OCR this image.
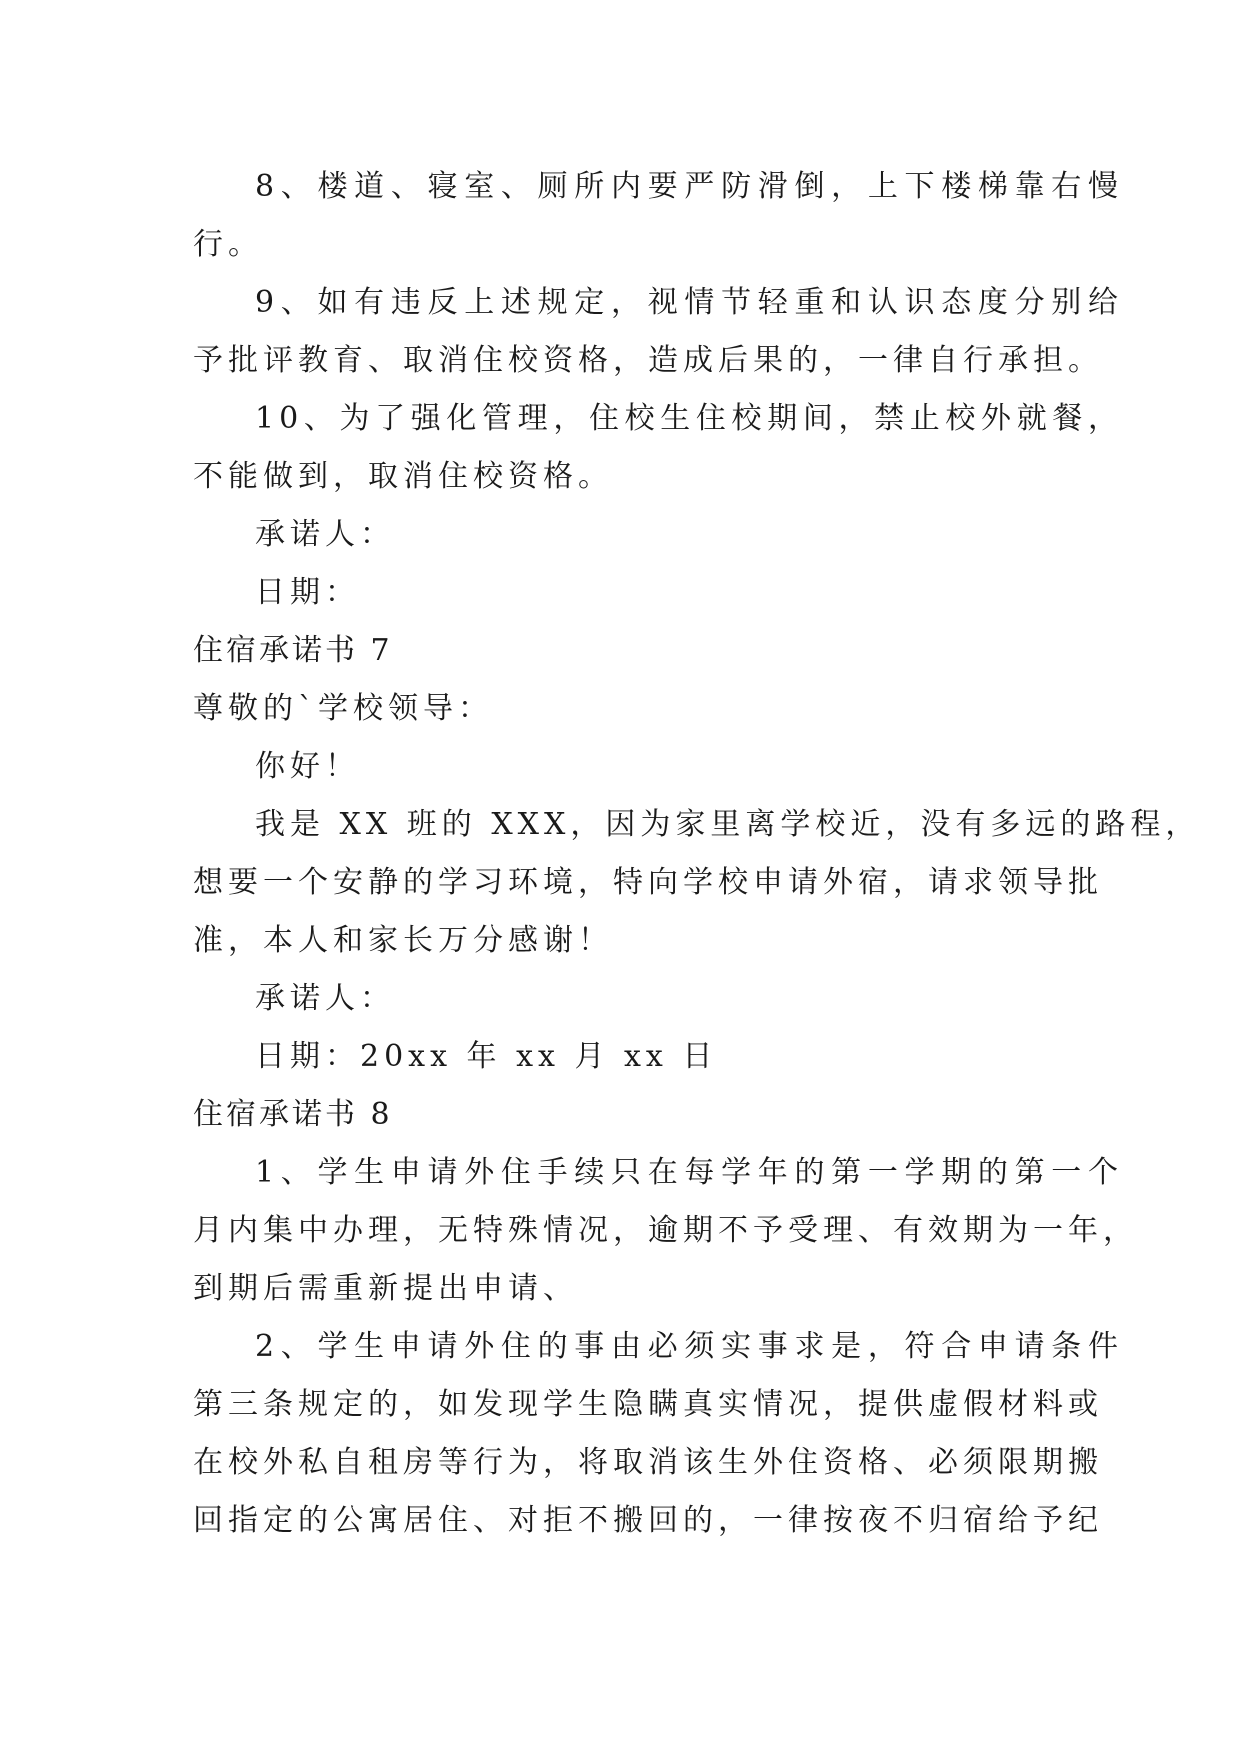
8、楼道、寝室、厕所内要严防滑倒，上下楼梯靠右慢

行。

9、如有违反上述规定，视情节轻重和认识态度分别给

予批评教育、取消住校资格，造成后果的，一律自行承担。

10、为了强化管理，住校生住校期间，禁止校外就餐，

不能做到，取消住校资格。

承诺人：

日期：

住宿承诺书 7

尊敬的`学校领导：

你好！

我是 XX 班的 XXX，因为家里离学校近，没有多远的路程，

想要一个安静的学习环境，特向学校申请外宿，请求领导批

准，本人和家长万分感谢！

承诺人：

日期：20xx 年 xx 月 xx 日

住宿承诺书 8

1、学生申请外住手续只在每学年的第一学期的第一个

月内集中办理，无特殊情况，逾期不予受理、有效期为一年，

到期后需重新提出申请、

2、学生申请外住的事由必须实事求是，符合申请条件

第三条规定的，如发现学生隐瞒真实情况，提供虚假材料或

在校外私自租房等行为，将取消该生外住资格、必须限期搬

回指定的公寓居住、对拒不搬回的，一律按夜不归宿给予纪
